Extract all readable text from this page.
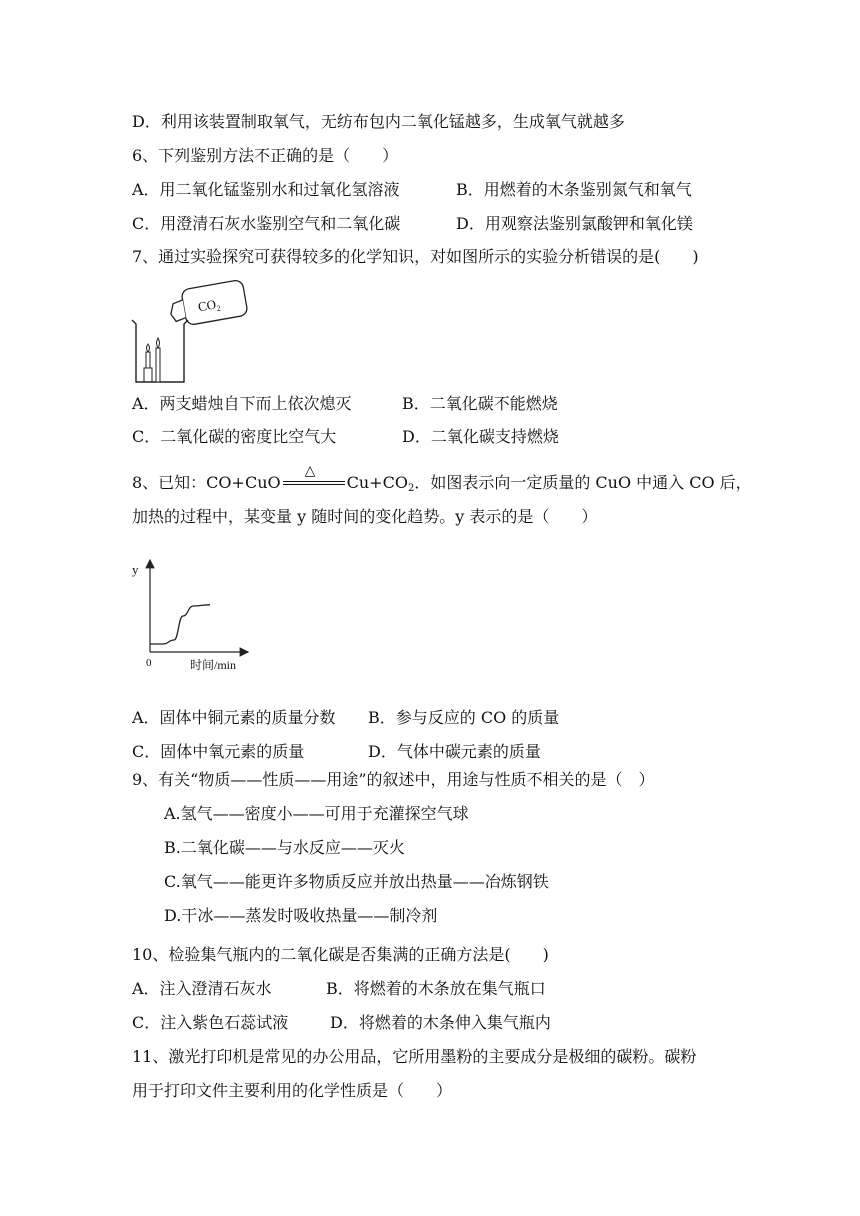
D．利用该装置制取氧气，无纺布包内二氧化锰越多，生成氧气就越多
6、下列鉴别方法不正确的是（　　）
A．用二氧化锰鉴别水和过氧化氢溶液	B．用燃着的木条鉴别氮气和氧气
C．用澄清石灰水鉴别空气和二氧化碳	D．用观察法鉴别氯酸钾和氧化镁
7、通过实验探究可获得较多的化学知识，对如图所示的实验分析错误的是(　　)
$CO_2$
A．两支蜡烛自下而上依次熄灭	B．二氧化碳不能燃烧
C．二氧化碳的密度比空气大	D．二氧化碳支持燃烧
8、已知：CO+CuO
△
$Cu+CO_2$．如图表示向一定质量的 CuO 中通入 CO 后，
加热的过程中，某变量 y 随时间的变化趋势。y 表示的是（　　）
y
0	时间/min
A．固体中铜元素的质量分数 B．参与反应的 CO 的质量
C．固体中氧元素的质量	D．气体中碳元素的质量
9、有关“物质——性质——用途”的叙述中，用途与性质不相关的是（　）
A.氢气——密度小——可用于充灌探空气球
B.二氧化碳——与水反应——灭火
C.氧气——能更许多物质反应并放出热量——冶炼钢铁
D.干冰——蒸发时吸收热量——制冷剂
10、检验集气瓶内的二氧化碳是否集满的正确方法是(　　)
A．注入澄清石灰水	B．将燃着的木条放在集气瓶口
C．注入紫色石蕊试液	D．将燃着的木条伸入集气瓶内
11、激光打印机是常见的办公用品，它所用墨粉的主要成分是极细的碳粉。碳粉
用于打印文件主要利用的化学性质是（　　）
